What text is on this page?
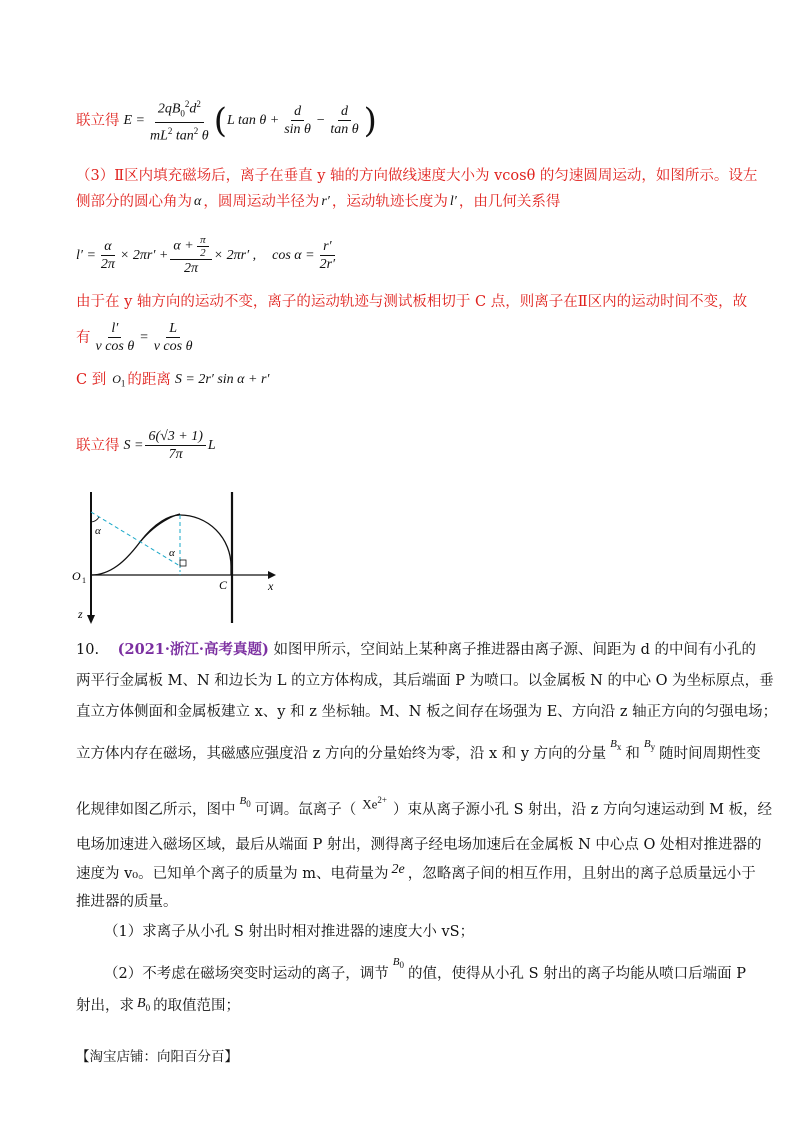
联立得 $E = \frac{2qB_0^2d^2}{mL^2 \tan^2 \theta}$ ( L $\tan \theta + \frac{d}{\text{sin θ}} - \frac{d}{\text{tan θ}}$ )
（3）Ⅱ区内填充磁场后，离子在垂直 y 轴的方向做线速度大小为 vcosθ 的匀速圆周运动，如图所示。设左
侧部分的圆心角为 α ，圆周运动半径为 r′ ，运动轨迹长度为 l′ ，由几何关系得
$l' = \frac{\alpha}{2\pi} \times 2\pi r' + \frac{\alpha + \frac{\pi}{2}}{2\pi} \times 2\pi r'$ , $\cos \alpha = \frac{r'}{2r'}$
由于在 y 轴方向的运动不变，离子的运动轨迹与测试板相切于 C 点，则离子在Ⅱ区内的运动时间不变，故
有 $\frac{l'}{\text{v cos θ}} = \frac{L}{\text{v cos θ}}$
C 到 $O_1$ 的距离 S = 2r′ sin α + r′
联立得 $S = \frac{6(√3 + 1)}{7\pi}$ L
α
α
O 1	C	x
z
10. (2021·浙江·高考真题) 如图甲所示，空间站上某种离子推进器由离子源、间距为 d 的中间有小孔的
两平行金属板 M、N 和边长为 L 的立方体构成，其后端面 P 为喷口。以金属板 N 的中心 O 为坐标原点，垂
直立方体侧面和金属板建立 x、y 和 z 坐标轴。M、N 板之间存在场强为 E、方向沿 z 轴正方向的匀强电场；
立方体内存在磁场，其磁感应强度沿 z 方向的分量始终为零，沿 x 和 y 方向的分量
$B_x$ 和
$B_y$ 随时间周期性变
化规律如图乙所示，图中
$B_0$ 可调。氙离子（ $Xe^{2+}$
）束从离子源小孔 S 射出，沿 z 方向匀速运动到 M 板，经
电场加速进入磁场区域，最后从端面 P 射出，测得离子经电场加速后在金属板 N 中心点 O 处相对推进器的
速度为 v₀。已知单个离子的质量为 m、电荷量为 2e ，忽略离子间的相互作用，且射出的离子总质量远小于
推进器的质量。
（1）求离子从小孔 S 射出时相对推进器的速度大小 vS；
（2）不考虑在磁场突变时运动的离子，调节
$B_0$
的值，使得从小孔 S 射出的离子均能从喷口后端面 P
射出，求 $B_0$ 的取值范围；
【淘宝店铺：向阳百分百】
